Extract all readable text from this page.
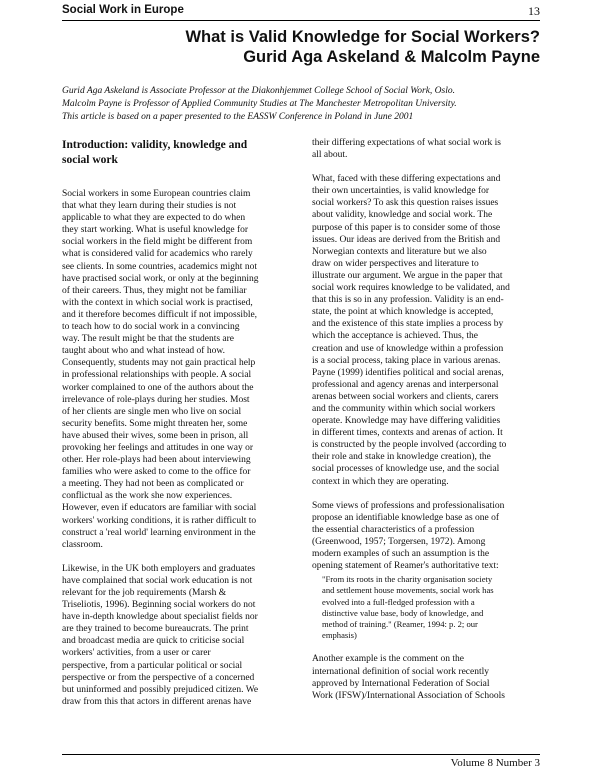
Social Work in Europe	13
What is Valid Knowledge for Social Workers?
Gurid Aga Askeland & Malcolm Payne
Gurid Aga Askeland is Associate Professor at the Diakonhjemmet College School of Social Work, Oslo.
Malcolm Payne is Professor of Applied Community Studies at The Manchester Metropolitan University.
This article is based on a paper presented to the EASSW Conference in Poland in June 2001
Introduction: validity, knowledge and
social work

Social workers in some European countries claim
that what they learn during their studies is not
applicable to what they are expected to do when
they start working. What is useful knowledge for
social workers in the field might be different from
what is considered valid for academics who rarely
see clients. In some countries, academics might not
have practised social work, or only at the beginning
of their careers. Thus, they might not be familiar
with the context in which social work is practised,
and it therefore becomes difficult if not impossible,
to teach how to do social work in a convincing
way. The result might be that the students are
taught about who and what instead of how.
Consequently, students may not gain practical help
in professional relationships with people. A social
worker complained to one of the authors about the
irrelevance of role-plays during her studies. Most
of her clients are single men who live on social
security benefits. Some might threaten her, some
have abused their wives, some been in prison, all
provoking her feelings and attitudes in one way or
other. Her role-plays had been about interviewing
families who were asked to come to the office for
a meeting. They had not been as complicated or
conflictual as the work she now experiences.
However, even if educators are familiar with social
workers' working conditions, it is rather difficult to
construct a 'real world' learning environment in the
classroom.

Likewise, in the UK both employers and graduates
have complained that social work education is not
relevant for the job requirements (Marsh &
Triseliotis, 1996). Beginning social workers do not
have in-depth knowledge about specialist fields nor
are they trained to become bureaucrats. The print
and broadcast media are quick to criticise social
workers' activities, from a user or carer
perspective, from a particular political or social
perspective or from the perspective of a concerned
but uninformed and possibly prejudiced citizen. We
draw from this that actors in different arenas have

their differing expectations of what social work is
all about.

What, faced with these differing expectations and
their own uncertainties, is valid knowledge for
social workers? To ask this question raises issues
about validity, knowledge and social work. The
purpose of this paper is to consider some of those
issues. Our ideas are derived from the British and
Norwegian contexts and literature but we also
draw on wider perspectives and literature to
illustrate our argument. We argue in the paper that
social work requires knowledge to be validated, and
that this is so in any profession. Validity is an end-
state, the point at which knowledge is accepted,
and the existence of this state implies a process by
which the acceptance is achieved. Thus, the
creation and use of knowledge within a profession
is a social process, taking place in various arenas.
Payne (1999) identifies political and social arenas,
professional and agency arenas and interpersonal
arenas between social workers and clients, carers
and the community within which social workers
operate. Knowledge may have differing validities
in different times, contexts and arenas of action. It
is constructed by the people involved (according to
their role and stake in knowledge creation), the
social processes of knowledge use, and the social
context in which they are operating.

Some views of professions and professionalisation
propose an identifiable knowledge base as one of
the essential characteristics of a profession
(Greenwood, 1957; Torgersen, 1972). Among
modern examples of such an assumption is the
opening statement of Reamer's authoritative text:

"From its roots in the charity organisation society
and settlement house movements, social work has
evolved into a full-fledged profession with a
distinctive value base, body of knowledge, and
method of training." (Reamer, 1994: p. 2; our
emphasis)

Another example is the comment on the
international definition of social work recently
approved by International Federation of Social
Work (IFSW)/International Association of Schools

Volume 8 Number 3
